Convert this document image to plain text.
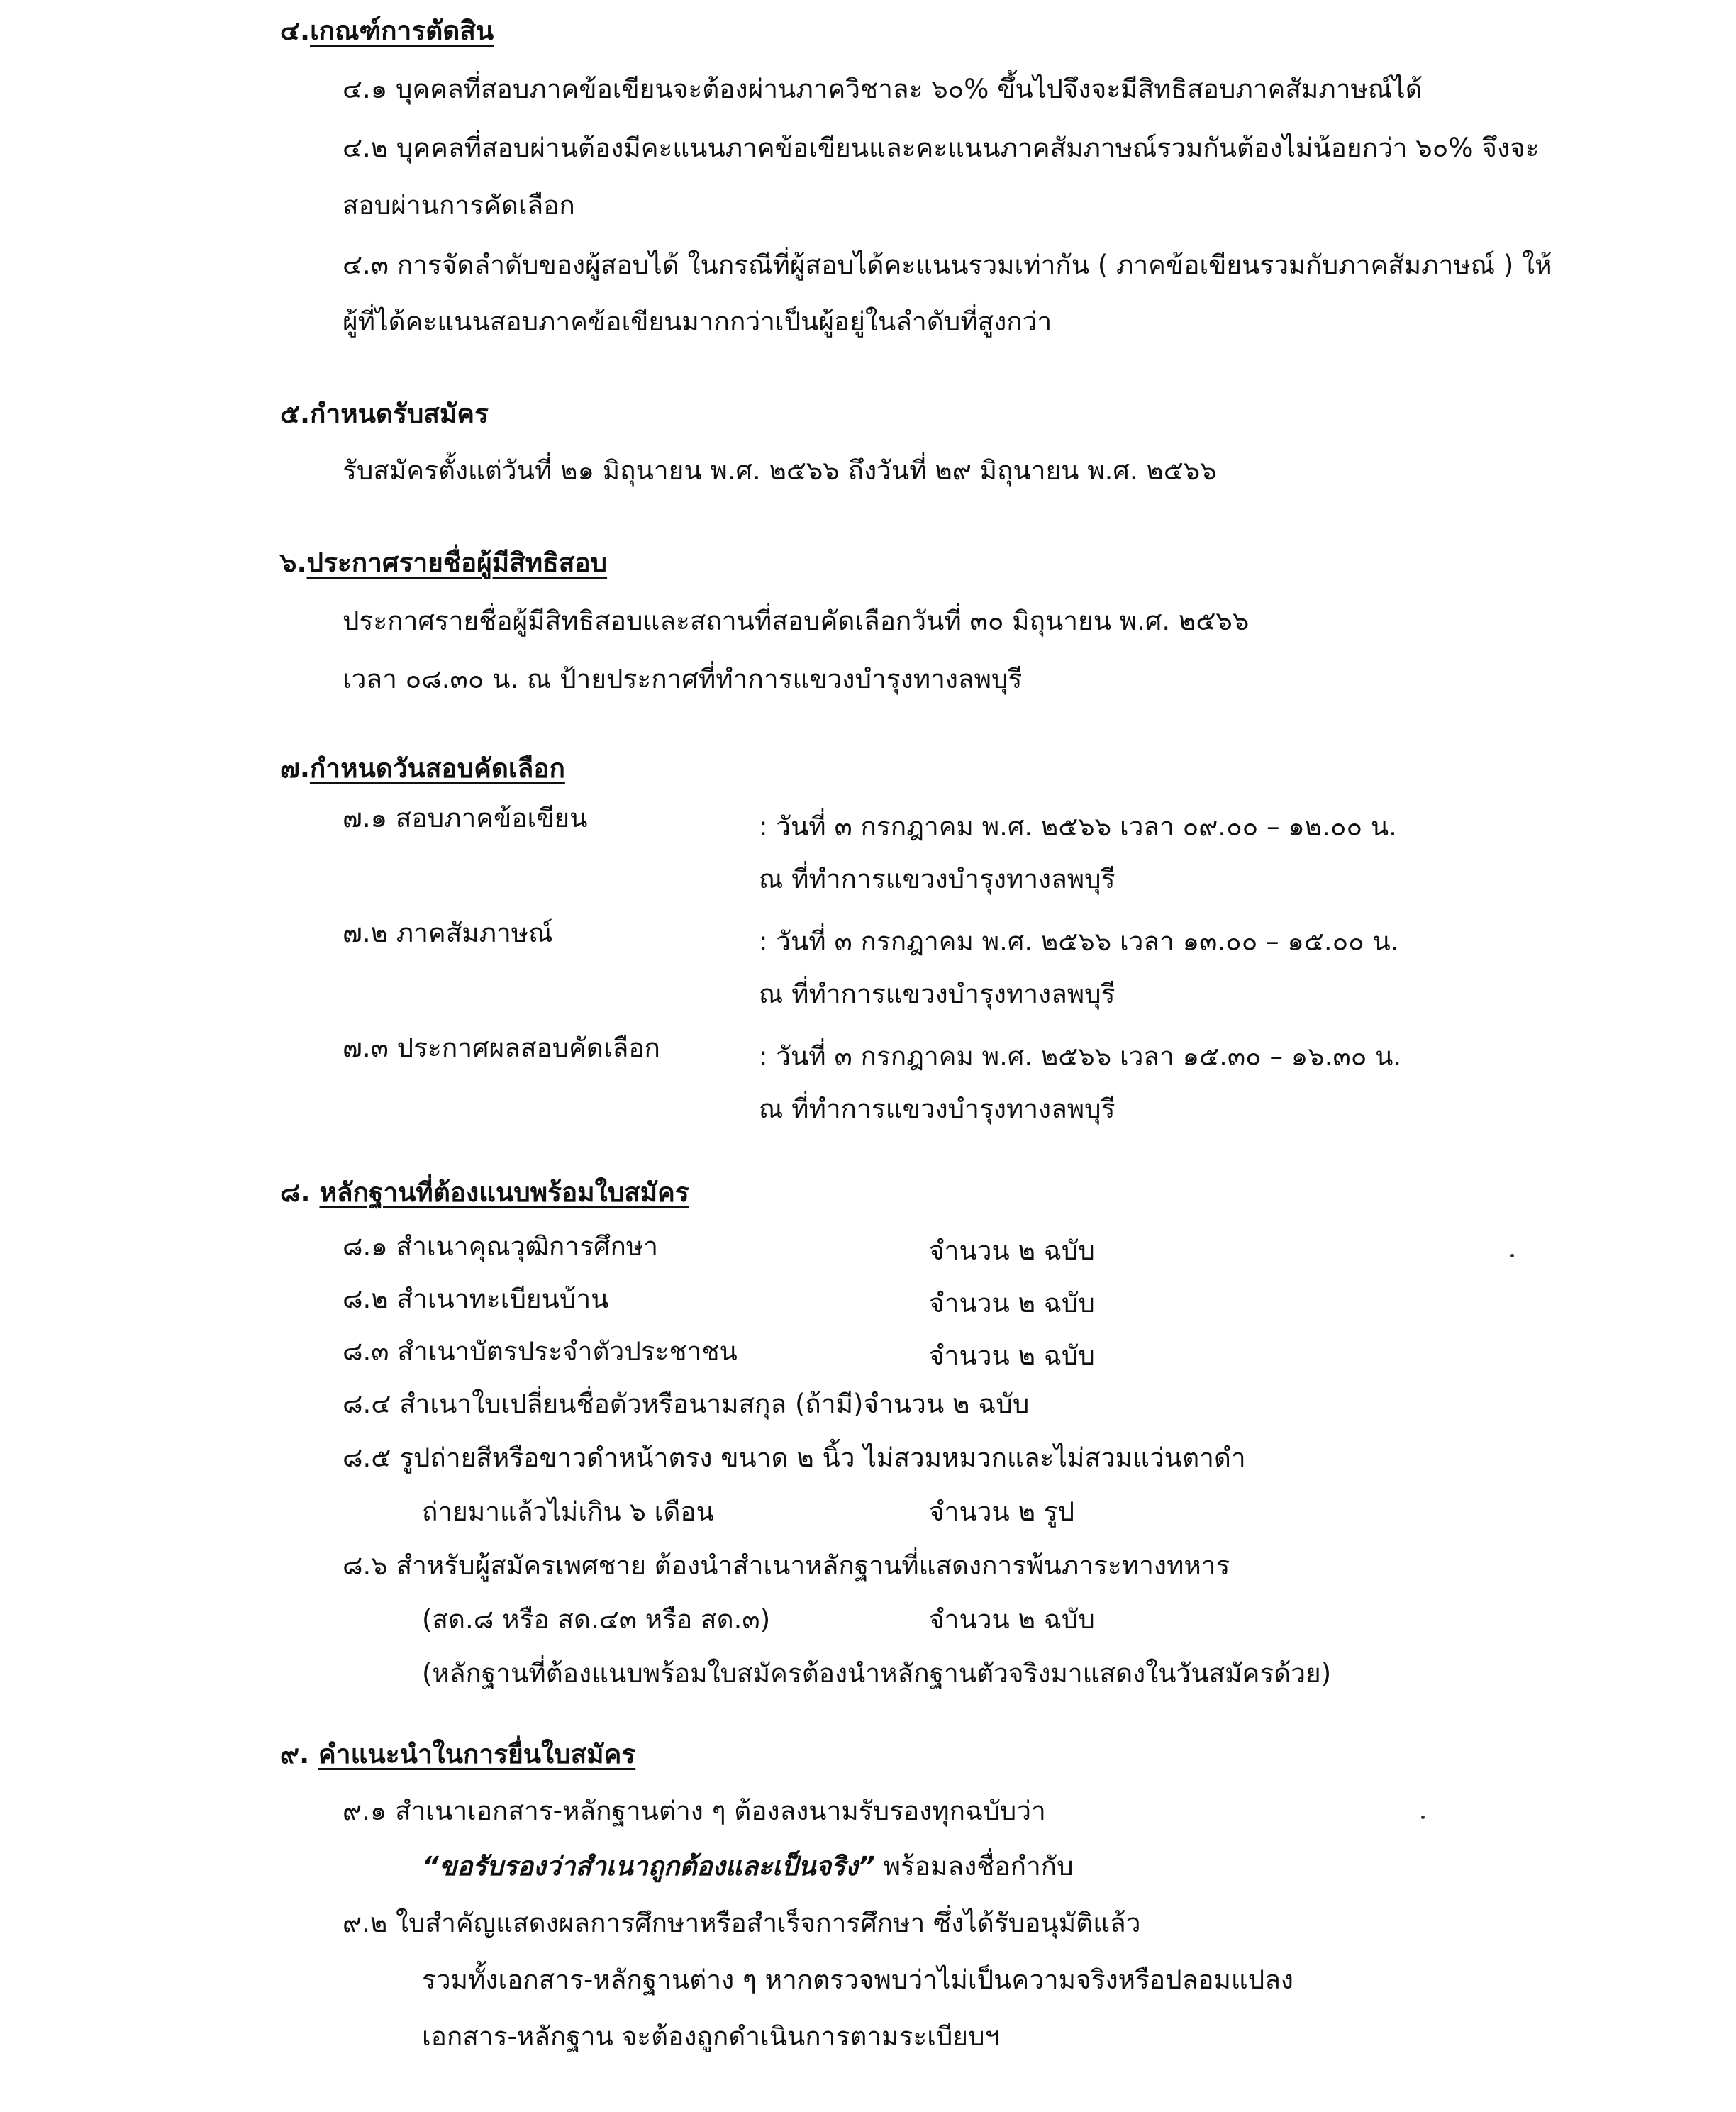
๔.เกณฑ์การตัดสิน
๔.๑ บุคคลที่สอบภาคข้อเขียนจะต้องผ่านภาควิชาละ ๖๐% ขึ้นไปจึงจะมีสิทธิสอบภาคสัมภาษณ์ได้
๔.๒ บุคคลที่สอบผ่านต้องมีคะแนนภาคข้อเขียนและคะแนนภาคสัมภาษณ์รวมกันต้องไม่น้อยกว่า ๖๐% จึงจะ
สอบผ่านการคัดเลือก
๔.๓ การจัดลำดับของผู้สอบได้ ในกรณีที่ผู้สอบได้คะแนนรวมเท่ากัน ( ภาคข้อเขียนรวมกับภาคสัมภาษณ์ ) ให้
ผู้ที่ได้คะแนนสอบภาคข้อเขียนมากกว่าเป็นผู้อยู่ในลำดับที่สูงกว่า
๕.กำหนดรับสมัคร
รับสมัครตั้งแต่วันที่ ๒๑ มิถุนายน พ.ศ. ๒๕๖๖ ถึงวันที่ ๒๙ มิถุนายน พ.ศ. ๒๕๖๖
๖.ประกาศรายชื่อผู้มีสิทธิสอบ
ประกาศรายชื่อผู้มีสิทธิสอบและสถานที่สอบคัดเลือกวันที่ ๓๐ มิถุนายน พ.ศ. ๒๕๖๖
เวลา ๐๘.๓๐ น. ณ ป้ายประกาศที่ทำการแขวงบำรุงทางลพบุรี
๗.กำหนดวันสอบคัดเลือก
๗.๑ สอบภาคข้อเขียน	: วันที่ ๓ กรกฎาคม พ.ศ. ๒๕๖๖ เวลา ๐๙.๐๐ – ๑๒.๐๐ น.
ณ ที่ทำการแขวงบำรุงทางลพบุรี
๗.๒ ภาคสัมภาษณ์	: วันที่ ๓ กรกฎาคม พ.ศ. ๒๕๖๖ เวลา ๑๓.๐๐ – ๑๕.๐๐ น.
ณ ที่ทำการแขวงบำรุงทางลพบุรี
๗.๓ ประกาศผลสอบคัดเลือก	: วันที่ ๓ กรกฎาคม พ.ศ. ๒๕๖๖ เวลา ๑๕.๓๐ – ๑๖.๓๐ น.
ณ ที่ทำการแขวงบำรุงทางลพบุรี
๘. หลักฐานที่ต้องแนบพร้อมใบสมัคร
๘.๑ สำเนาคุณวุฒิการศึกษา	จำนวน ๒ ฉบับ
๘.๒ สำเนาทะเบียนบ้าน	จำนวน ๒ ฉบับ
๘.๓ สำเนาบัตรประจำตัวประชาชน	จำนวน ๒ ฉบับ
๘.๔ สำเนาใบเปลี่ยนชื่อตัวหรือนามสกุล (ถ้ามี)จำนวน ๒ ฉบับ
๘.๕ รูปถ่ายสีหรือขาวดำหน้าตรง ขนาด ๒ นิ้ว ไม่สวมหมวกและไม่สวมแว่นตาดำ
ถ่ายมาแล้วไม่เกิน ๖ เดือน	จำนวน ๒ รูป
๘.๖ สำหรับผู้สมัครเพศชาย ต้องนำสำเนาหลักฐานที่แสดงการพ้นภาระทางทหาร
(สด.๘ หรือ สด.๔๓ หรือ สด.๓)	จำนวน ๒ ฉบับ
(หลักฐานที่ต้องแนบพร้อมใบสมัครต้องนำหลักฐานตัวจริงมาแสดงในวันสมัครด้วย)
๙. คำแนะนำในการยื่นใบสมัคร
๙.๑ สำเนาเอกสาร-หลักฐานต่าง ๆ ต้องลงนามรับรองทุกฉบับว่า
“ขอรับรองว่าสำเนาถูกต้องและเป็นจริง” พร้อมลงชื่อกำกับ
๙.๒ ใบสำคัญแสดงผลการศึกษาหรือสำเร็จการศึกษา ซึ่งได้รับอนุมัติแล้ว
รวมทั้งเอกสาร-หลักฐานต่าง ๆ หากตรวจพบว่าไม่เป็นความจริงหรือปลอมแปลง
เอกสาร-หลักฐาน จะต้องถูกดำเนินการตามระเบียบฯ
